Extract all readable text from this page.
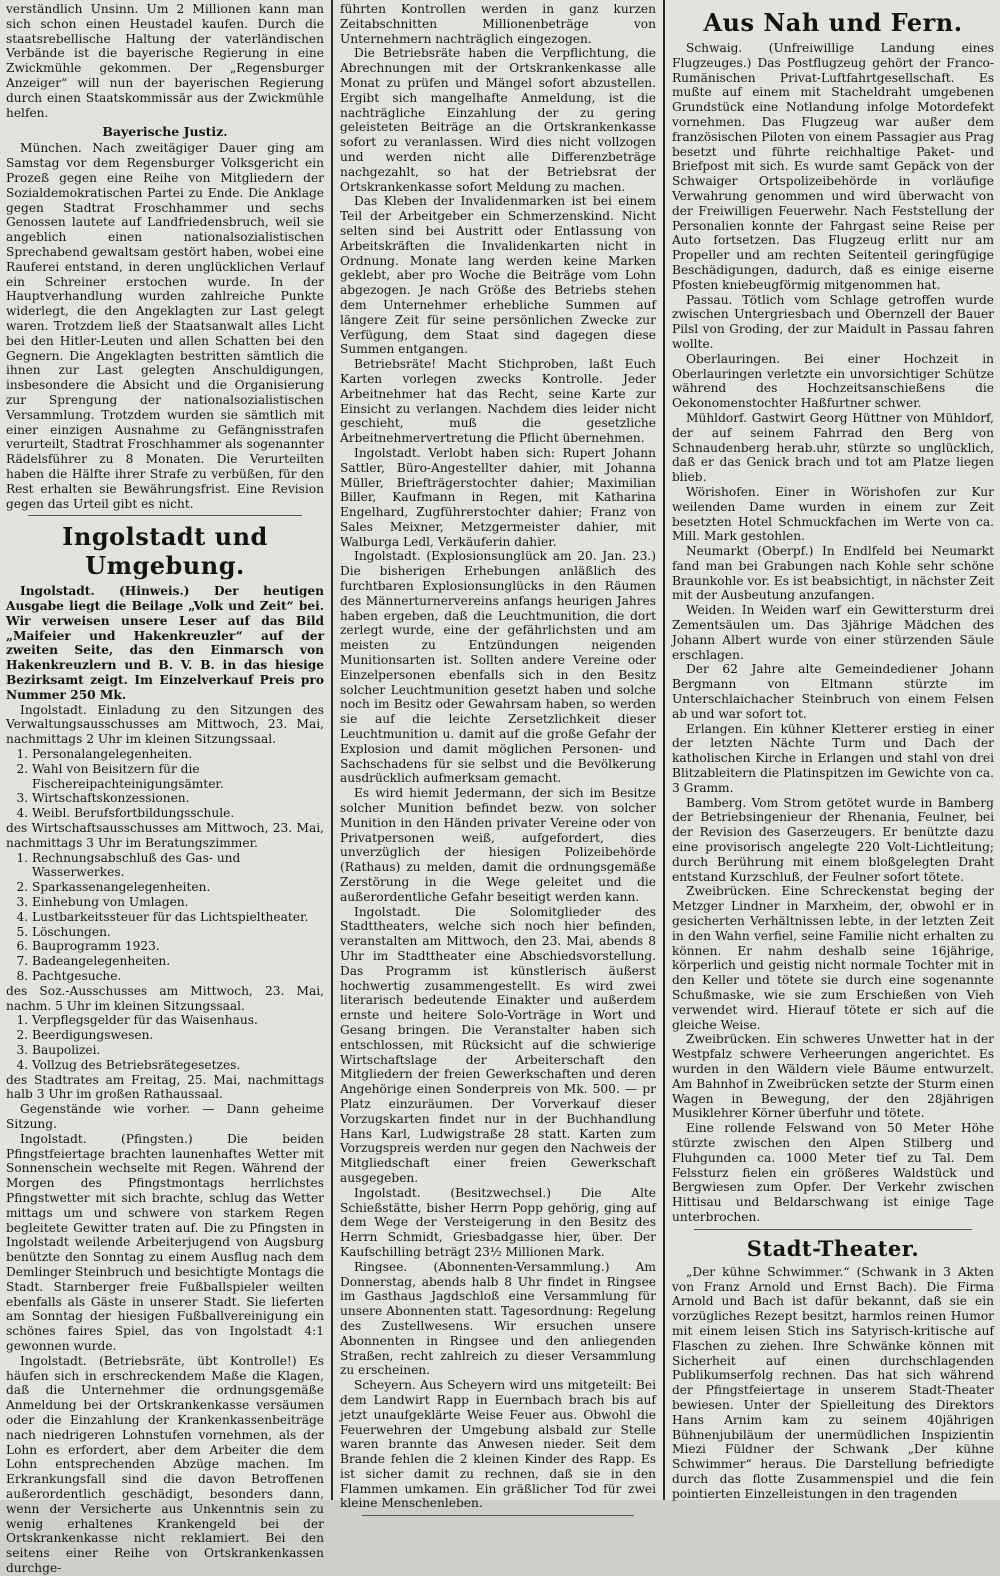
verständlich Unsinn. Um 2 Millionen kann man sich schon einen Heustadel kaufen. Durch die staatsrebellische Haltung der vaterländischen Verbände ist die bayerische Regierung in eine Zwickmühle gekommen. Der „Regensburger Anzeiger“ will nun der bayerischen Regierung durch einen Staatskommissär aus der Zwickmühle helfen.

Bayerische Justiz.

München. Nach zweitägiger Dauer ging am Samstag vor dem Regensburger Volksgericht ein Prozeß gegen eine Reihe von Mitgliedern der Sozialdemokratischen Partei zu Ende. Die Anklage gegen Stadtrat Froschhammer und sechs Genossen lautete auf Landfriedensbruch, weil sie angeblich einen nationalsozialistischen Sprechabend gewaltsam gestört haben, wobei eine Rauferei entstand, in deren unglücklichen Verlauf ein Schreiner erstochen wurde. In der Hauptverhandlung wurden zahlreiche Punkte widerlegt, die den Angeklagten zur Last gelegt waren. Trotzdem ließ der Staatsanwalt alles Licht bei den Hitler-Leuten und allen Schatten bei den Gegnern. Die Angeklagten bestritten sämtlich die ihnen zur Last gelegten Anschuldigungen, insbesondere die Absicht und die Organisierung zur Sprengung der nationalsozialistischen Versammlung. Trotzdem wurden sie sämtlich mit einer einzigen Ausnahme zu Gefängnisstrafen verurteilt, Stadtrat Froschhammer als sogenannter Rädelsführer zu 8 Monaten. Die Verurteilten haben die Hälfte ihrer Strafe zu verbüßen, für den Rest erhalten sie Bewährungsfrist. Eine Revision gegen das Urteil gibt es nicht.

Ingolstadt und Umgebung.

Ingolstadt. (Hinweis.) Der heutigen Ausgabe liegt die Beilage „Volk und Zeit“ bei. Wir verweisen unsere Leser auf das Bild „Maifeier und Hakenkreuzler“ auf der zweiten Seite, das den Einmarsch von Hakenkreuzlern und B. V. B. in das hiesige Bezirksamt zeigt. Im Einzelverkauf Preis pro Nummer 250 Mk.

Ingolstadt. Einladung zu den Sitzungen des Verwaltungsausschusses am Mittwoch, 23. Mai, nachmittags 2 Uhr im kleinen Sitzungssaal.

1. Personalangelegenheiten.
2. Wahl von Beisitzern für die Fischereipachteinigungsämter.
3. Wirtschaftskonzessionen.
4. Weibl. Berufsfortbildungsschule.

des Wirtschaftsausschusses am Mittwoch, 23. Mai, nachmittags 3 Uhr im Beratungszimmer.

1. Rechnungsabschluß des Gas- und Wasserwerkes.
2. Sparkassenangelegenheiten.
3. Einhebung von Umlagen.
4. Lustbarkeitssteuer für das Lichtspieltheater.
5. Löschungen.
6. Bauprogramm 1923.
7. Badeangelegenheiten.
8. Pachtgesuche.

des Soz.-Ausschusses am Mittwoch, 23. Mai, nachm. 5 Uhr im kleinen Sitzungssaal.

1. Verpflegsgelder für das Waisenhaus.
2. Beerdigungswesen.
3. Baupolizei.
4. Vollzug des Betriebsrätegesetzes.

des Stadtrates am Freitag, 25. Mai, nachmittags halb 3 Uhr im großen Rathaussaal.

Gegenstände wie vorher. — Dann geheime Sitzung.

Ingolstadt. (Pfingsten.) Die beiden Pfingstfeiertage brachten launenhaftes Wetter mit Sonnenschein wechselte mit Regen. Während der Morgen des Pfingstmontags herrlichstes Pfingstwetter mit sich brachte, schlug das Wetter mittags um und schwere von starkem Regen begleitete Gewitter traten auf. Die zu Pfingsten in Ingolstadt weilende Arbeiterjugend von Augsburg benützte den Sonntag zu einem Ausflug nach dem Demlinger Steinbruch und besichtigte Montags die Stadt. Starnberger freie Fußballspieler weilten ebenfalls als Gäste in unserer Stadt. Sie lieferten am Sonntag der hiesigen Fußballvereinigung ein schönes faires Spiel, das von Ingolstadt 4:1 gewonnen wurde.

Ingolstadt. (Betriebsräte, übt Kontrolle!) Es häufen sich in erschreckendem Maße die Klagen, daß die Unternehmer die ordnungsgemäße Anmeldung bei der Ortskrankenkasse versäumen oder die Einzahlung der Krankenkassenbeiträge nach niedrigeren Lohnstufen vornehmen, als der Lohn es erfordert, aber dem Arbeiter die dem Lohn entsprechenden Abzüge machen. Im Erkrankungsfall sind die davon Betroffenen außerordentlich geschädigt, besonders dann, wenn der Versicherte aus Unkenntnis sein zu wenig erhaltenes Krankengeld bei der Ortskrankenkasse nicht reklamiert. Bei den seitens einer Reihe von Ortskrankenkassen durchge-

führten Kontrollen werden in ganz kurzen Zeitabschnitten Millionenbeträge von Unternehmern nachträglich eingezogen.

Die Betriebsräte haben die Verpflichtung, die Abrechnungen mit der Ortskrankenkasse alle Monat zu prüfen und Mängel sofort abzustellen. Ergibt sich mangelhafte Anmeldung, ist die nachträgliche Einzahlung der zu gering geleisteten Beiträge an die Ortskrankenkasse sofort zu veranlassen. Wird dies nicht vollzogen und werden nicht alle Differenzbeträge nachgezahlt, so hat der Betriebsrat der Ortskrankenkasse sofort Meldung zu machen.

Das Kleben der Invalidenmarken ist bei einem Teil der Arbeitgeber ein Schmerzenskind. Nicht selten sind bei Austritt oder Entlassung von Arbeitskräften die Invalidenkarten nicht in Ordnung. Monate lang werden keine Marken geklebt, aber pro Woche die Beiträge vom Lohn abgezogen. Je nach Größe des Betriebs stehen dem Unternehmer erhebliche Summen auf längere Zeit für seine persönlichen Zwecke zur Verfügung, dem Staat sind dagegen diese Summen entgangen.

Betriebsräte! Macht Stichproben, laßt Euch Karten vorlegen zwecks Kontrolle. Jeder Arbeitnehmer hat das Recht, seine Karte zur Einsicht zu verlangen. Nachdem dies leider nicht geschieht, muß die gesetzliche Arbeitnehmervertretung die Pflicht übernehmen.

Ingolstadt. Verlobt haben sich: Rupert Johann Sattler, Büro-Angestellter dahier, mit Johanna Müller, Briefträgerstochter dahier; Maximilian Biller, Kaufmann in Regen, mit Katharina Engelhard, Zugführerstochter dahier; Franz von Sales Meixner, Metzgermeister dahier, mit Walburga Ledl, Verkäuferin dahier.

Ingolstadt. (Explosionsunglück am 20. Jan. 23.) Die bisherigen Erhebungen anläßlich des furchtbaren Explosionsunglücks in den Räumen des Männerturnervereins anfangs heurigen Jahres haben ergeben, daß die Leuchtmunition, die dort zerlegt wurde, eine der gefährlichsten und am meisten zu Entzündungen neigenden Munitionsarten ist. Sollten andere Vereine oder Einzelpersonen ebenfalls sich in den Besitz solcher Leuchtmunition gesetzt haben und solche noch im Besitz oder Gewahrsam haben, so werden sie auf die leichte Zersetzlichkeit dieser Leuchtmunition u. damit auf die große Gefahr der Explosion und damit möglichen Personen- und Sachschadens für sie selbst und die Bevölkerung ausdrücklich aufmerksam gemacht.

Es wird hiemit Jedermann, der sich im Besitze solcher Munition befindet bezw. von solcher Munition in den Händen privater Vereine oder von Privatpersonen weiß, aufgefordert, dies unverzüglich der hiesigen Polizeibehörde (Rathaus) zu melden, damit die ordnungsgemäße Zerstörung in die Wege geleitet und die außerordentliche Gefahr beseitigt werden kann.

Ingolstadt. Die Solomitglieder des Stadttheaters, welche sich noch hier befinden, veranstalten am Mittwoch, den 23. Mai, abends 8 Uhr im Stadttheater eine Abschiedsvorstellung. Das Programm ist künstlerisch äußerst hochwertig zusammengestellt. Es wird zwei literarisch bedeutende Einakter und außerdem ernste und heitere Solo-Vorträge in Wort und Gesang bringen. Die Veranstalter haben sich entschlossen, mit Rücksicht auf die schwierige Wirtschaftslage der Arbeiterschaft den Mitgliedern der freien Gewerkschaften und deren Angehörige einen Sonderpreis von Mk. 500. — pr Platz einzuräumen. Der Vorverkauf dieser Vorzugskarten findet nur in der Buchhandlung Hans Karl, Ludwigstraße 28 statt. Karten zum Vorzugspreis werden nur gegen den Nachweis der Mitgliedschaft einer freien Gewerkschaft ausgegeben.

Ingolstadt. (Besitzwechsel.) Die Alte Schießstätte, bisher Herrn Popp gehörig, ging auf dem Wege der Versteigerung in den Besitz des Herrn Schmidt, Griesbadgasse hier, über. Der Kaufschilling beträgt 23½ Millionen Mark.

Ringsee. (Abonnenten-Versammlung.) Am Donnerstag, abends halb 8 Uhr findet in Ringsee im Gasthaus Jagdschloß eine Versammlung für unsere Abonnenten statt. Tagesordnung: Regelung des Zustellwesens. Wir ersuchen unsere Abonnenten in Ringsee und den anliegenden Straßen, recht zahlreich zu dieser Versammlung zu erscheinen.

Scheyern. Aus Scheyern wird uns mitgeteilt: Bei dem Landwirt Rapp in Euernbach brach bis auf jetzt unaufgeklärte Weise Feuer aus. Obwohl die Feuerwehren der Umgebung alsbald zur Stelle waren brannte das Anwesen nieder. Seit dem Brande fehlen die 2 kleinen Kinder des Rapp. Es ist sicher damit zu rechnen, daß sie in den Flammen umkamen. Ein gräßlicher Tod für zwei kleine Menschenleben.

Aus Nah und Fern.

Schwaig. (Unfreiwillige Landung eines Flugzeuges.) Das Postflugzeug gehört der Franco-Rumänischen Privat-Luftfahrtgesellschaft. Es mußte auf einem mit Stacheldraht umgebenen Grundstück eine Notlandung infolge Motordefekt vornehmen. Das Flugzeug war außer dem französischen Piloten von einem Passagier aus Prag besetzt und führte reichhaltige Paket- und Briefpost mit sich. Es wurde samt Gepäck von der Schwaiger Ortspolizeibehörde in vorläufige Verwahrung genommen und wird überwacht von der Freiwilligen Feuerwehr. Nach Feststellung der Personalien konnte der Fahrgast seine Reise per Auto fortsetzen. Das Flugzeug erlitt nur am Propeller und am rechten Seitenteil geringfügige Beschädigungen, dadurch, daß es einige eiserne Pfosten kniebeugförmig mitgenommen hat.

Passau. Tötlich vom Schlage getroffen wurde zwischen Untergriesbach und Obernzell der Bauer Pilsl von Groding, der zur Maidult in Passau fahren wollte.

Oberlauringen. Bei einer Hochzeit in Oberlauringen verletzte ein unvorsichtiger Schütze während des Hochzeitsanschießens die Oekonomenstochter Haßfurtner schwer.

Mühldorf. Gastwirt Georg Hüttner von Mühldorf, der auf seinem Fahrrad den Berg von Schnaudenberg herab.uhr, stürzte so unglücklich, daß er das Genick brach und tot am Platze liegen blieb.

Wörishofen. Einer in Wörishofen zur Kur weilenden Dame wurden in einem zur Zeit besetzten Hotel Schmuckfachen im Werte von ca. Mill. Mark gestohlen.

Neumarkt (Oberpf.) In Endlfeld bei Neumarkt fand man bei Grabungen nach Kohle sehr schöne Braunkohle vor. Es ist beabsichtigt, in nächster Zeit mit der Ausbeutung anzufangen.

Weiden. In Weiden warf ein Gewittersturm drei Zementsäulen um. Das 3jährige Mädchen des Johann Albert wurde von einer stürzenden Säule erschlagen.

Der 62 Jahre alte Gemeindediener Johann Bergmann von Eltmann stürzte im Unterschlaichacher Steinbruch von einem Felsen ab und war sofort tot.

Erlangen. Ein kühner Kletterer erstieg in einer der letzten Nächte Turm und Dach der katholischen Kirche in Erlangen und stahl von drei Blitzableitern die Platinspitzen im Gewichte von ca. 3 Gramm.

Bamberg. Vom Strom getötet wurde in Bamberg der Betriebsingenieur der Rhenania, Feulner, bei der Revision des Gaserzeugers. Er benützte dazu eine provisorisch angelegte 220 Volt-Lichtleitung; durch Berührung mit einem bloßgelegten Draht entstand Kurzschluß, der Feulner sofort tötete.

Zweibrücken. Eine Schreckenstat beging der Metzger Lindner in Marxheim, der, obwohl er in gesicherten Verhältnissen lebte, in der letzten Zeit in den Wahn verfiel, seine Familie nicht erhalten zu können. Er nahm deshalb seine 16jährige, körperlich und geistig nicht normale Tochter mit in den Keller und tötete sie durch eine sogenannte Schußmaske, wie sie zum Erschießen von Vieh verwendet wird. Hierauf tötete er sich auf die gleiche Weise.

Zweibrücken. Ein schweres Unwetter hat in der Westpfalz schwere Verheerungen angerichtet. Es wurden in den Wäldern viele Bäume entwurzelt. Am Bahnhof in Zweibrücken setzte der Sturm einen Wagen in Bewegung, der den 28jährigen Musiklehrer Körner überfuhr und tötete.

Eine rollende Felswand von 50 Meter Höhe stürzte zwischen den Alpen Stilberg und Fluhgunden ca. 1000 Meter tief zu Tal. Dem Felssturz fielen ein größeres Waldstück und Bergwiesen zum Opfer. Der Verkehr zwischen Hittisau und Beldarschwang ist einige Tage unterbrochen.

Stadt-Theater.

„Der kühne Schwimmer.“ (Schwank in 3 Akten von Franz Arnold und Ernst Bach). Die Firma Arnold und Bach ist dafür bekannt, daß sie ein vorzügliches Rezept besitzt, harmlos reinen Humor mit einem leisen Stich ins Satyrisch-kritische auf Flaschen zu ziehen. Ihre Schwänke können mit Sicherheit auf einen durchschlagenden Publikumserfolg rechnen. Das hat sich während der Pfingstfeiertage in unserem Stadt-Theater bewiesen. Unter der Spielleitung des Direktors Hans Arnim kam zu seinem 40jährigen Bühnenjubiläum der unermüdlichen Inspizientin Miezi Füldner der Schwank „Der kühne Schwimmer“ heraus. Die Darstellung befriedigte durch das flotte Zusammenspiel und die fein pointierten Einzelleistungen in den tragenden
